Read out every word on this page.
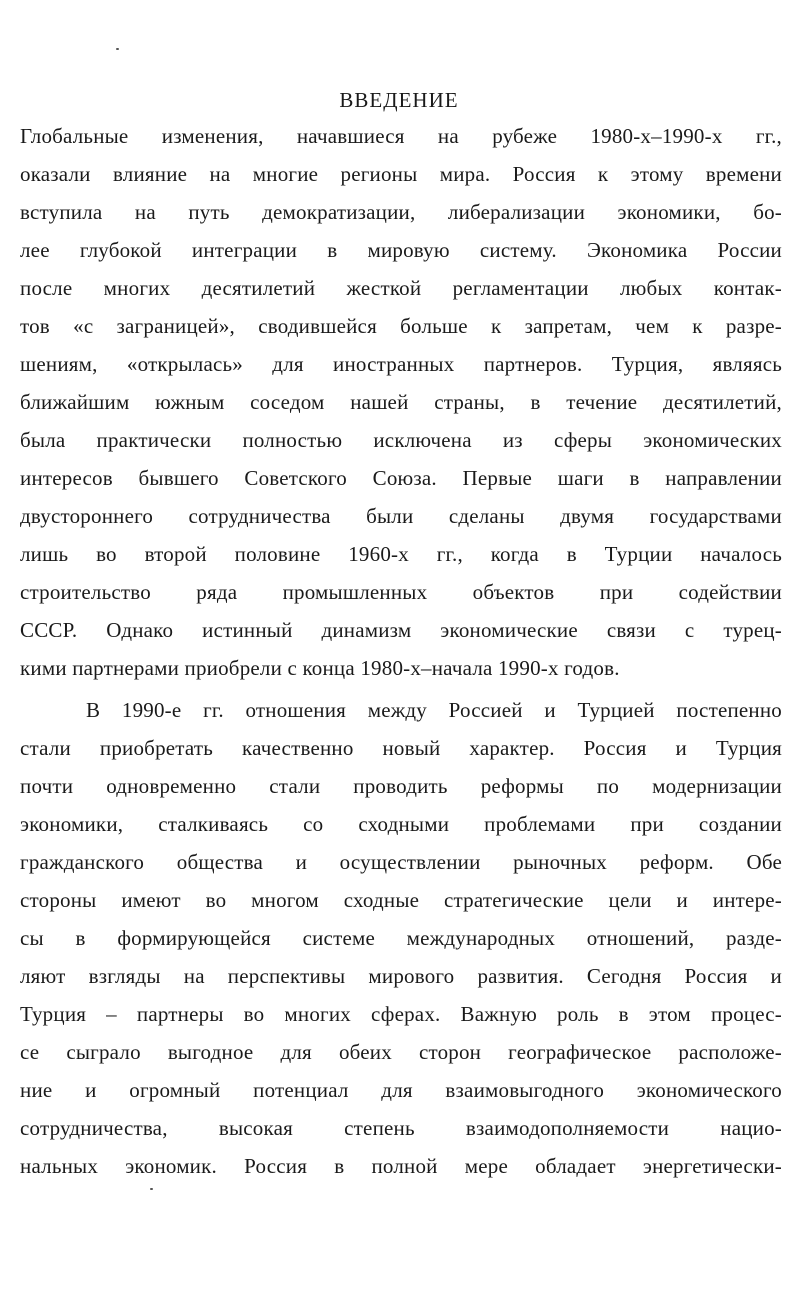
ВВЕДЕНИЕ
Глобальные изменения, начавшиеся на рубеже 1980-х–1990-х гг.,
оказали влияние на многие регионы мира. Россия к этому времени
вступила на путь демократизации, либерализации экономики, бо-
лее глубокой интеграции в мировую систему. Экономика России
после многих десятилетий жесткой регламентации любых контак-
тов «с заграницей», сводившейся больше к запретам, чем к разре-
шениям, «открылась» для иностранных партнеров. Турция, являясь
ближайшим южным соседом нашей страны, в течение десятилетий,
была практически полностью исключена из сферы экономических
интересов бывшего Советского Союза. Первые шаги в направлении
двустороннего сотрудничества были сделаны двумя государствами
лишь во второй половине 1960-х гг., когда в Турции началось
строительство ряда промышленных объектов при содействии
СССР. Однако истинный динамизм экономические связи с турец-
кими партнерами приобрели с конца 1980-х–начала 1990-х годов.
В 1990-е гг. отношения между Россией и Турцией постепенно
стали приобретать качественно новый характер. Россия и Турция
почти одновременно стали проводить реформы по модернизации
экономики, сталкиваясь со сходными проблемами при создании
гражданского общества и осуществлении рыночных реформ. Обе
стороны имеют во многом сходные стратегические цели и интере-
сы в формирующейся системе международных отношений, разде-
ляют взгляды на перспективы мирового развития. Сегодня Россия и
Турция – партнеры во многих сферах. Важную роль в этом процес-
се сыграло выгодное для обеих сторон географическое расположе-
ние и огромный потенциал для взаимовыгодного экономического
сотрудничества, высокая степень взаимодополняемости нацио-
нальных экономик. Россия в полной мере обладает энергетически-
